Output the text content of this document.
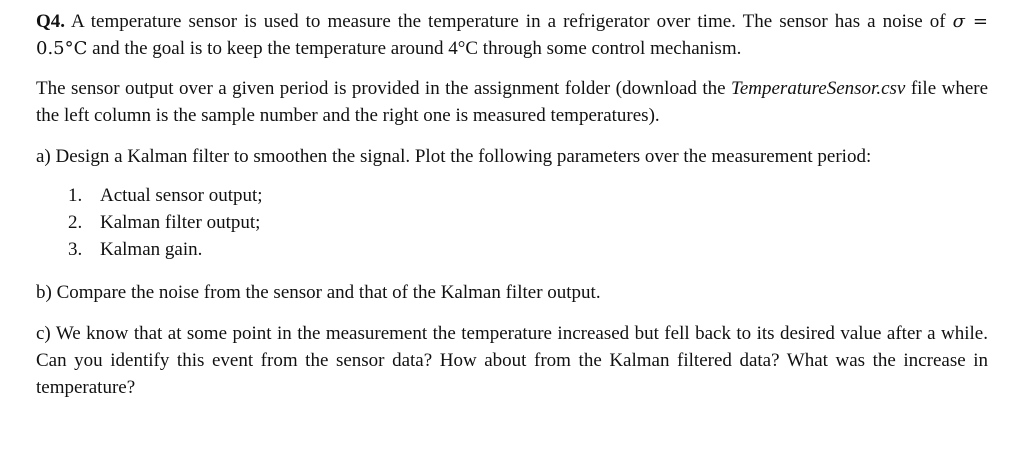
Q4. A temperature sensor is used to measure the temperature in a refrigerator over time. The sensor has a noise of σ = 0.5°C and the goal is to keep the temperature around 4°C through some control mechanism.

The sensor output over a given period is provided in the assignment folder (download the TemperatureSensor.csv file where the left column is the sample number and the right one is measured temperatures).

a) Design a Kalman filter to smoothen the signal. Plot the following parameters over the measurement period:

1. Actual sensor output;
2. Kalman filter output;
3. Kalman gain.

b) Compare the noise from the sensor and that of the Kalman filter output.

c) We know that at some point in the measurement the temperature increased but fell back to its desired value after a while. Can you identify this event from the sensor data? How about from the Kalman filtered data? What was the increase in temperature?
